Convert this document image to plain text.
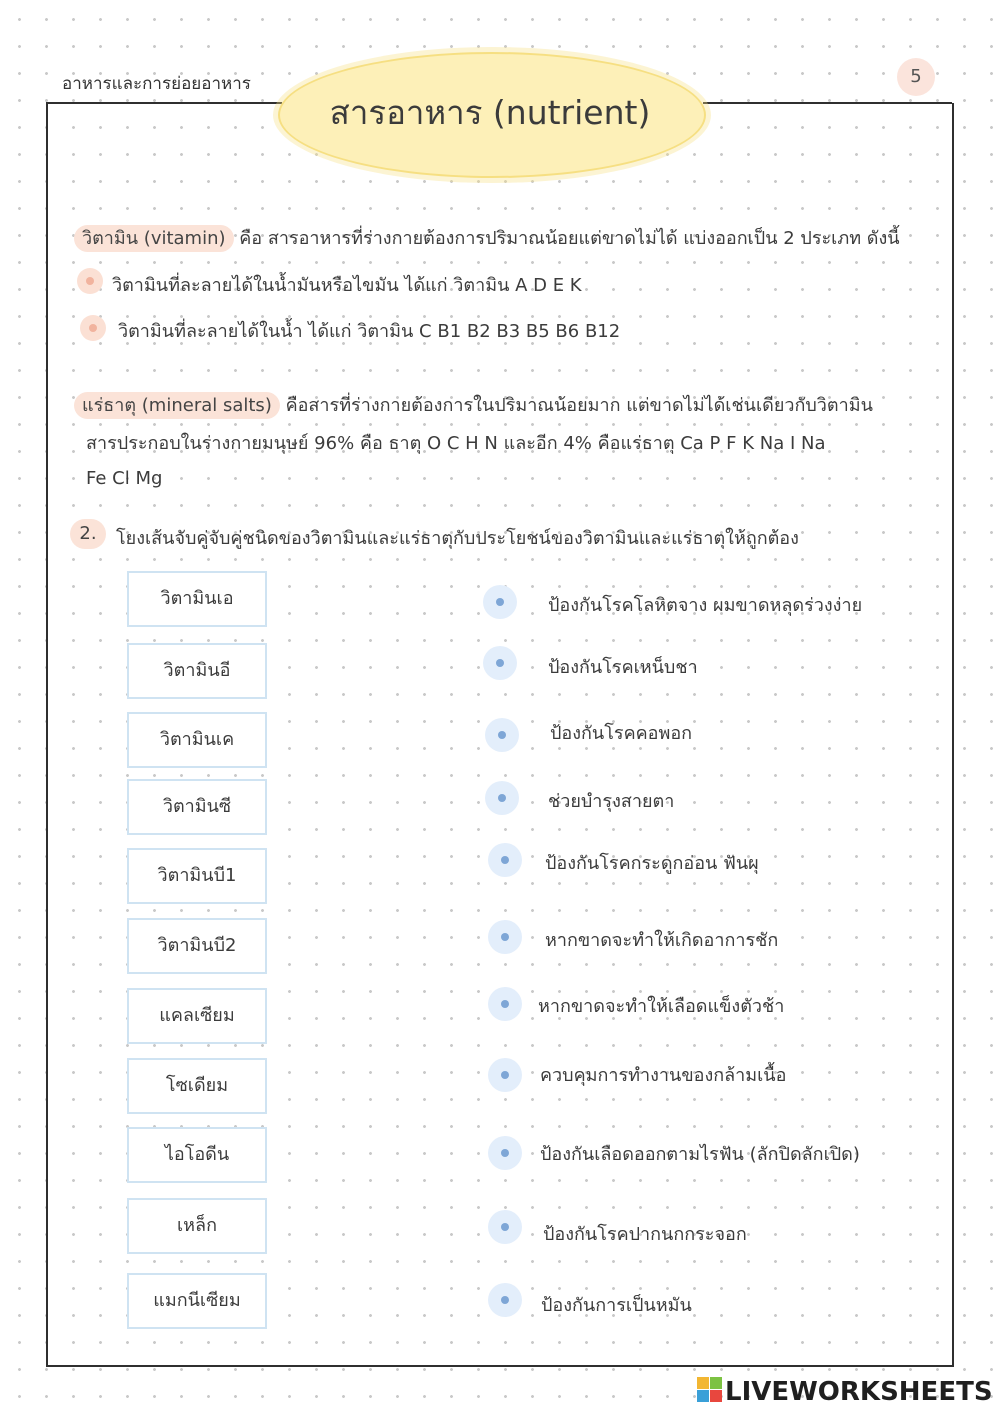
อาหารและการย่อยอาหาร	5
สารอาหาร (nutrient)
วิตามิน (vitamin) คือ สารอาหารที่ร่างกายต้องการปริมาณน้อยแต่ขาดไม่ได้ แบ่งออกเป็น 2 ประเภท ดังนี้
วิตามินที่ละลายได้ในน้ำมันหรือไขมัน ได้แก่ วิตามิน A D E K
วิตามินที่ละลายได้ในน้ำ ได้แก่ วิตามิน C B1 B2 B3 B5 B6 B12
แร่ธาตุ (mineral salts) คือสารที่ร่างกายต้องการในปริมาณน้อยมาก แต่ขาดไม่ได้เช่นเดียวกับวิตามิน
สารประกอบในร่างกายมนุษย์ 96% คือ ธาตุ O C H N และอีก 4% คือแร่ธาตุ Ca P F K Na I Na
Fe Cl Mg
2.	โยงเส้นจับคู่จับคู่ชนิดของวิตามินและแร่ธาตุกับประโยชน์ของวิตามินและแร่ธาตุให้ถูกต้อง
วิตามินเอ
วิตามินอี
วิตามินเค
วิตามินซี
วิตามินบี1
วิตามินบี2
แคลเซียม
โซเดียม
ไอโอดีน
เหล็ก
แมกนีเซียม
ป้องกันโรคโลหิตจาง ผมขาดหลุดร่วงง่าย
ป้องกันโรคเหน็บชา
ป้องกันโรคคอพอก
ช่วยบำรุงสายตา
ป้องกันโรคกระดูกอ่อน ฟันผุ
หากขาดจะทำให้เกิดอาการชัก
หากขาดจะทำให้เลือดแข็งตัวช้า
ควบคุมการทำงานของกล้ามเนื้อ
ป้องกันเลือดออกตามไรฟัน (ลักปิดลักเปิด)
ป้องกันโรคปากนกกระจอก
ป้องกันการเป็นหมัน
LIVEWORKSHEETS
